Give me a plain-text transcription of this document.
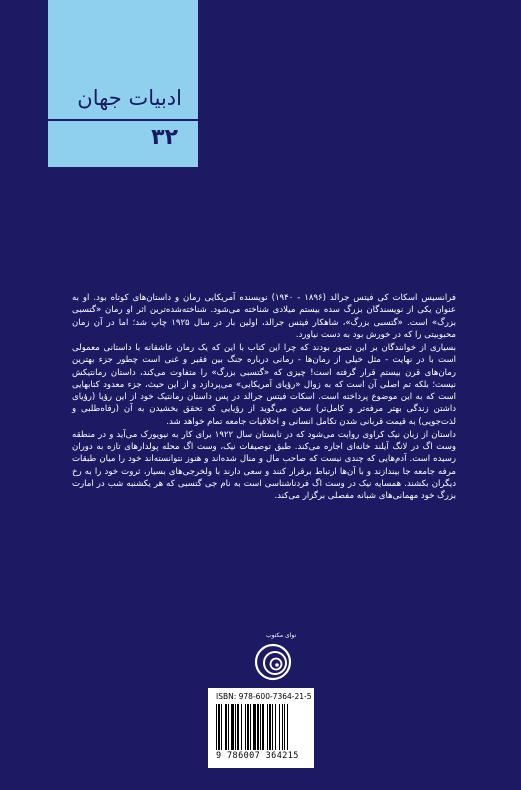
ادبیات جهان
۳۲

فرانسیس اسکات کی فیتس جرالد (۱۸۹۶ - ۱۹۴۰) نویسنده آمریکایی رمان و داستان‌های کوتاه بود. او به عنوان یکی از نویسندگان بزرگ سده بیستم میلادی شناخته می‌شود. شناخته‌شده‌ترین اثر او رمان «گتسبی بزرگ» است. «گتسبی بزرگ»، شاهکار فیتس جرالد، اولین بار در سال ۱۹۲۵ چاپ شد؛ اما در آن زمان محبوبیتی را که در خورش بود به دست نیاورد.

بسیاری از خوانندگان بر این تصور بودند که چرا این کتاب با این که یک رمان عاشقانه با داستانی معمولی است با در نهایت - مثل خیلی از رمان‌ها - رمانی درباره جنگ بین فقیر و غنی است چطور جزء بهترین رمان‌های قرن بیستم قرار گرفته است! چیزی که «گتسبی بزرگ» را متفاوت می‌کند، داستان رمانتیکش نیست؛ بلکه تم اصلی آن است که به زوال «رؤیای آمریکایی» می‌پردازد و از این حیث، جزء معدود کتابهایی است که به این موضوع پرداخته است. اسکات فیتس جرالد در پس داستان رمانتیک خود از این رؤیا (رؤیای داشتن زندگی بهتر مرفه‌تر و کامل‌تر) سخن می‌گوید از رؤیایی که تحقق بخشیدن به آن (رفاه‌طلبی و لذت‌جویی) به قیمت قربانی شدن تکامل انسانی و اخلاقیات جامعه تمام خواهد شد.

داستان از زبان نیک کراوی روایت می‌شود که در تابستان سال ۱۹۲۲ برای کار به نیویورک می‌آید و در منطقه وست اگ در لانگ آیلند خانه‌ای اجاره می‌کند. طبق توصیفات نیک، وست اگ محله پولدارهای تازه به دوران رسیده است. آدم‌هایی که چندی نیست که صاحب مال و منال شده‌اند و هنوز نتوانسته‌اند خود را میان طبقات مرفه جامعه جا بیندازند و با آن‌ها ارتباط برقرار کنند و سعی دارند با ولخرجی‌های بسیار، ثروت خود را به رخ دیگران بکشند. همسایه نیک در وست اگ فردناشناسی است به نام جی گتسبی که هر یکشنبه شب در امارت بزرگ خود مهمانی‌های شبانه مفصلی برگزار می‌کند.

نوای مکتوب
ISBN: 978-600-7364-21-5
9 786007 364215
